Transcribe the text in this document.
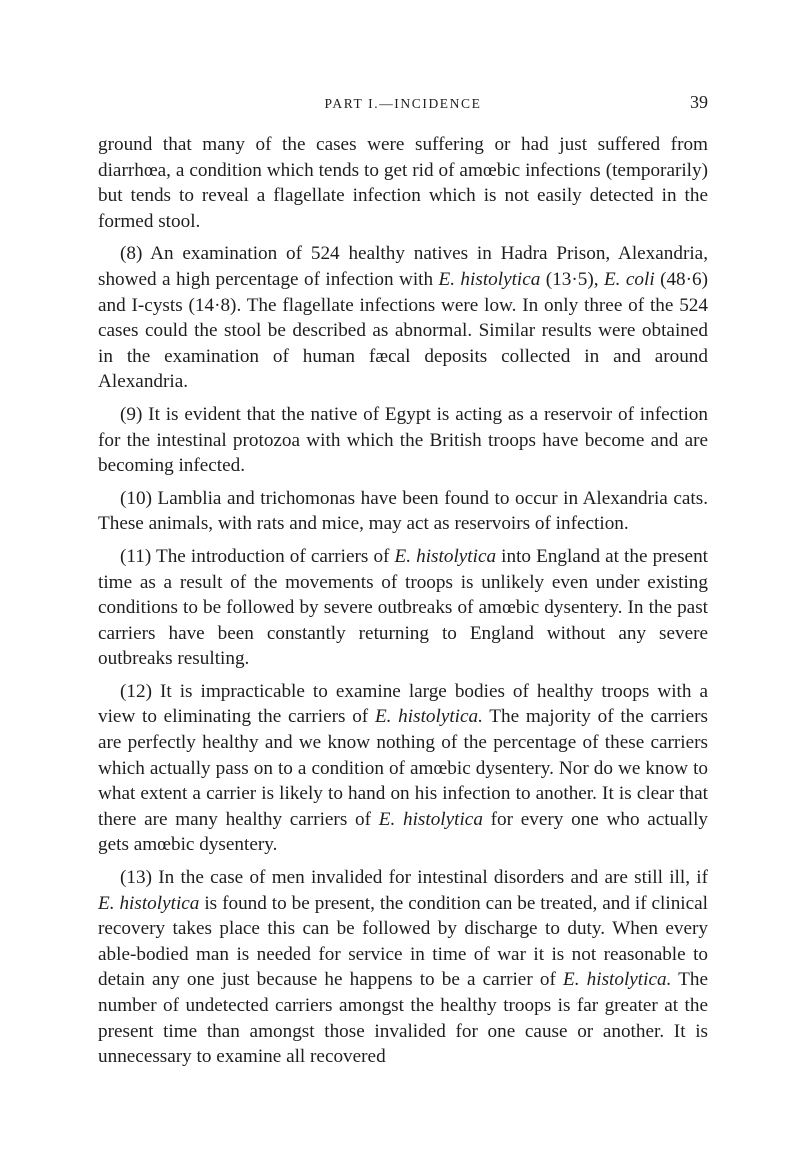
PART I.—INCIDENCE	39

ground that many of the cases were suffering or had just suffered from diarrhœa, a condition which tends to get rid of amœbic infections (temporarily) but tends to reveal a flagellate infection which is not easily detected in the formed stool.

(8) An examination of 524 healthy natives in Hadra Prison, Alexandria, showed a high percentage of infection with E. histolytica (13·5), E. coli (48·6) and I-cysts (14·8). The flagellate infections were low. In only three of the 524 cases could the stool be described as abnormal. Similar results were obtained in the examination of human fæcal deposits collected in and around Alexandria.

(9) It is evident that the native of Egypt is acting as a reservoir of infection for the intestinal protozoa with which the British troops have become and are becoming infected.

(10) Lamblia and trichomonas have been found to occur in Alexandria cats. These animals, with rats and mice, may act as reservoirs of infection.

(11) The introduction of carriers of E. histolytica into England at the present time as a result of the movements of troops is unlikely even under existing conditions to be followed by severe outbreaks of amœbic dysentery. In the past carriers have been constantly returning to England without any severe outbreaks resulting.

(12) It is impracticable to examine large bodies of healthy troops with a view to eliminating the carriers of E. histolytica. The majority of the carriers are perfectly healthy and we know nothing of the percentage of these carriers which actually pass on to a condition of amœbic dysentery. Nor do we know to what extent a carrier is likely to hand on his infection to another. It is clear that there are many healthy carriers of E. histolytica for every one who actually gets amœbic dysentery.

(13) In the case of men invalided for intestinal disorders and are still ill, if E. histolytica is found to be present, the condition can be treated, and if clinical recovery takes place this can be followed by discharge to duty. When every able-bodied man is needed for service in time of war it is not reasonable to detain any one just because he happens to be a carrier of E. histolytica. The number of undetected carriers amongst the healthy troops is far greater at the present time than amongst those invalided for one cause or another. It is unnecessary to examine all recovered
